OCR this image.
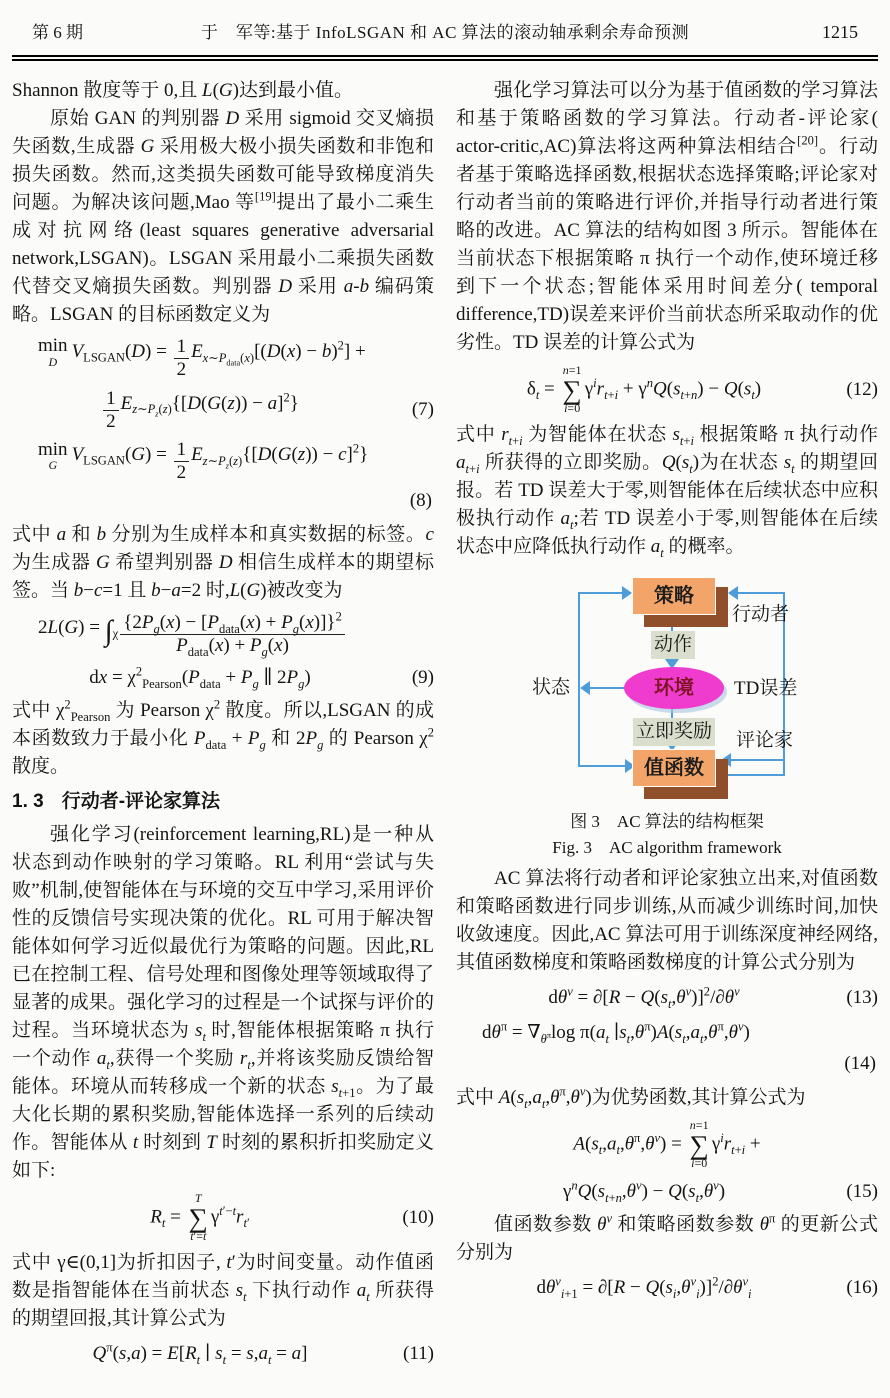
第 6 期	于　军等:基于 InfoLSGAN 和 AC 算法的滚动轴承剩余寿命预测	1215

Shannon 散度等于 0,且 L(G)达到最小值。

原始 GAN 的判别器 D 采用 sigmoid 交叉熵损失函数,生成器 G 采用极大极小损失函数和非饱和损失函数。然而,这类损失函数可能导致梯度消失问题。为解决该问题,Mao 等[19]提出了最小二乘生成对抗网络(least squares generative adversarial network,LSGAN)。LSGAN 采用最小二乘损失函数代替交叉熵损失函数。判别器 D 采用 a-b 编码策略。LSGAN 的目标函数定义为

min
D
$V_{LSGAN}(D) = \frac{1}{2} E_{x\sim P_{data}(x)}[(D(x) - b)^2]$ +
$\frac{1}{2} E_{z\sim P_z(z)}\{[D(G(z)) - a]^2\}$	(7)
min
G
$V_{LSGAN}(G) = \frac{1}{2} E_{z\sim P_z(z)}\{[D(G(z)) - c]^2\}$
(8)

式中 a 和 b 分别为生成样本和真实数据的标签。c 为生成器 G 希望判别器 D 相信生成样本的期望标签。当 b−c=1 且 b−a=2 时,L(G)被改变为

$2L(G) = \int_\chi \frac{\{2P_g(x) - [P_{data}(x) + P_g(x)]\}^2}{P_{data}(x) + P_g(x)}$
dx = $\chi^2_{Pearson}(P_{data} + P_g$ ∥ $2P_g$)	(9)

式中 $\chi^2_{Pearson}$ 为 Pearson $\chi^2$ 散度。所以,LSGAN 的成本函数致力于最小化 $P_{data} + P_g$ 和 $2P_g$ 的 Pearson $\chi^2$ 散度。

1. 3 行动者-评论家算法

强化学习(reinforcement learning,RL)是一种从状态到动作映射的学习策略。RL 利用“尝试与失败”机制,使智能体在与环境的交互中学习,采用评价性的反馈信号实现决策的优化。RL 可用于解决智能体如何学习近似最优行为策略的问题。因此,RL 已在控制工程、信号处理和图像处理等领域取得了显著的成果。强化学习的过程是一个试探与评价的过程。当环境状态为 $s_t$ 时,智能体根据策略 π 执行一个动作 $a_t$,获得一个奖励 $r_t$,并将该奖励反馈给智能体。环境从而转移成一个新的状态 $s_{t+1}$。为了最大化长期的累积奖励,智能体选择一系列的后续动作。智能体从 t 时刻到 T 时刻的累积折扣奖励定义如下:

$R_t$ =
T
∑
t′=t
$\gamma^{t'-t}r_{t'}$	(10)

式中 γ∈(0,1]为折扣因子, t′为时间变量。动作值函数是指智能体在当前状态 $s_t$ 下执行动作 $a_t$ 所获得的期望回报,其计算公式为

$Q^\pi(s,a) = E[R_t$ ∣ $s_t = s,a_t = a$]	(11)

强化学习算法可以分为基于值函数的学习算法和基于策略函数的学习算法。行动者-评论家( actor-critic,AC)算法将这两种算法相结合[20]。行动者基于策略选择函数,根据状态选择策略;评论家对行动者当前的策略进行评价,并指导行动者进行策略的改进。AC 算法的结构如图 3 所示。智能体在当前状态下根据策略 π 执行一个动作,使环境迁移到下一个状态;智能体采用时间差分( temporal difference,TD)误差来评价当前状态所采取动作的优劣性。TD 误差的计算公式为

$\delta_t$ =
n=1
∑
i=0
$\gamma^ir_{t+i} + \gamma^nQ(s_{t+n}) - Q(s_t)$	(12)

式中 $r_{t+i}$ 为智能体在状态 $s_{t+i}$ 根据策略 π 执行动作 $a_{t+i}$ 所获得的立即奖励。$Q(s_t)$为在状态 $s_t$ 的期望回报。若 TD 误差大于零,则智能体在后续状态中应积极执行动作 $a_t$;若 TD 误差小于零,则智能体在后续状态中应降低执行动作 $a_t$ 的概率。

策略
环境
值函数
行动者
动作
状态	TD误差
立即奖励 评论家
图 3　AC 算法的结构框架
Fig. 3　AC algorithm framework

AC 算法将行动者和评论家独立出来,对值函数和策略函数进行同步训练,从而减少训练时间,加快收敛速度。因此,AC 算法可用于训练深度神经网络,其值函数梯度和策略函数梯度的计算公式分别为

$d\theta^v = \partial[R - Q(s_t,\theta^v)]^2/\partial\theta^v$	(13)
$d\theta^\pi = \nabla_{\theta^\pi}\log$ $\pi(a_t$ $∣s_t,\theta^\pi)A(s_t,a_t,\theta^\pi,\theta^v)$
(14)

式中 $A(s_t,a_t,\theta^\pi,\theta^v)$为优势函数,其计算公式为

$A(s_t,a_t,\theta^\pi,\theta^v)$ =
n=1
∑
i=0
$\gamma^ir_{t+i}$ +
$\gamma^nQ(s_{t+n},\theta^v) - Q(s_t,\theta^v)$	(15)

值函数参数 $\theta^v$ 和策略函数参数 $\theta^\pi$ 的更新公式分别为

$d\theta^v_{i+1} = \partial[R - Q(s_i,\theta^v_i)]^2/\partial\theta^v_i$	(16)
